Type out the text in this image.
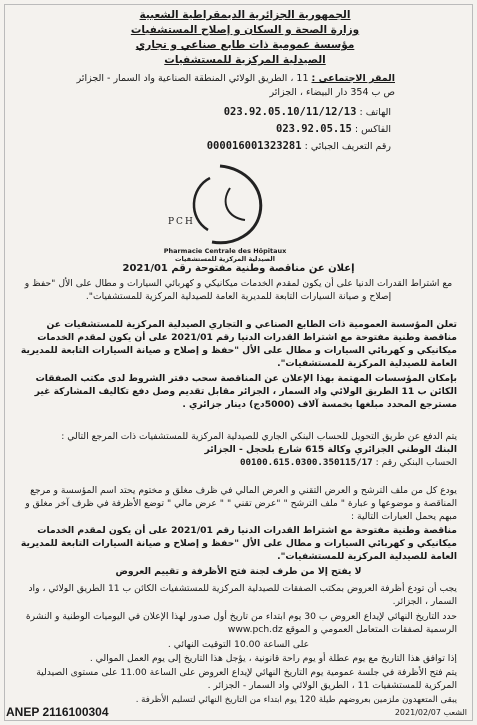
الجمهورية الجزائرية الديمقراطية الشعبية
وزارة الصحة و السكان و إصلاح المستشفيات
مؤسسة عمومية ذات طابع صناعي و تجاري
الصيدلية المركزية للمستشفيات
المقر الاجتماعي : 11 ، الطريق الولائي المنطقة الصناعية واد السمار - الجزائر
ص ب 354 دار البيضاء ، الجزائر
الهاتف : 023.92.05.10/11/12/13
الفاكس : 023.92.05.15
رقم التعريف الجبائي : 000016001323281
PCH
Pharmacie Centrale des Hôpitaux
الصيدلية المركزية للمستشفيات
إعلان عن مناقصة وطنية مفتوحة رقم 2021/01
مع اشتراط القدرات الدنيا على أن يكون لمقدم الخدمات ميكانيكي و كهربائي السيارات و مطال على الأل "حفظ و إصلاح و صيانة السيارات التابعة للمديرية العامة للصيدلية المركزية للمستشفيات".
تعلن المؤسسة العمومية ذات الطابع الصناعي و التجاري الصيدلية المركزية للمستشفيات عن مناقصة وطنية مفتوحة مع اشتراط القدرات الدنيا رقم 2021/01 على أن يكون لمقدم الخدمات ميكانيكي و كهربائي السيارات و مطال على الأل "حفظ و إصلاح و صيانة السيارات التابعة للمديرية العامة للصيدلية المركزية للمستشفيات".
بإمكان المؤسسات المهتمة بهذا الإعلان عن المناقصة سحب دفتر الشروط لدى مكتب الصفقات الكائن ب 11 الطريق الولائي واد السمار ، الجزائر مقابل تقديم وصل دفع تكاليف المشاركة غير مسترجع المحدد مبلغها بخمسة آلاف (5000دج) دينار جزائري .
يتم الدفع عن طريق التحويل للحساب البنكي الجاري للصيدلية المركزية للمستشفيات ذات المرجع التالي :
البنك الوطني الجزائري وكالة 615 شارع بلحجل - الجزائر
الحساب البنكي رقم : 00100.615.0300.350115/17
يودع كل من ملف الترشح و العرض التقني و العرض المالي في ظرف مغلق و مختوم يحتد اسم المؤسسة و مرجع المناقصة و موضوعها و عبارة " ملف الترشح " "عرض تقني " " عرض مالي " توضع الأظرفة في ظرف آخر مغلق و مبهم يحمل العبارات التالية :
مناقصة وطنية مفتوحة مع اشتراط القدرات الدنيا رقم 2021/01 على أن يكون لمقدم الخدمات ميكانيكي و كهربائي السيارات و مطال على الأل "حفظ و إصلاح و صيانة السيارات التابعة للمديرية العامة للصيدلية المركزية للمستشفيات".
لا يفتح إلا من طرف لجنة فتح الأظرفة و تقييم العروض
يجب أن تودع أظرفة العروض بمكتب الصفقات للصيدلية المركزية للمستشفيات الكائن ب 11 الطريق الولائي ، واد السمار ، الجزائر.
حدد التاريخ النهائي لإيداع العروض ب 30 يوم ابتداء من تاريخ أول صدور لهذا الإعلان في اليوميات الوطنية و النشرة الرسمية لصفقات المتعامل العمومي و الموقع www.pch.dz
على الساعة 10.00 التوقيت النهائي .
إذا توافق هذا التاريخ مع يوم عطلة أو يوم راحة قانونية ، يؤجل هذا التاريخ إلى يوم العمل الموالي .
يتم فتح الأظرفة في جلسة عمومية يوم التاريخ النهائي لإيداع العروض على الساعة 11.00 على مستوى الصيدلية المركزية للمستشفيات 11 ، الطريق الولائي واد السمار - الجزائر .
يبقى المتعهدون ملزمين بعروضهم طيلة 120 يوم ابتداء من التاريخ النهائي لتسليم الأظرفة .
ANEP 2116100304	الشعب 2021/02/07
